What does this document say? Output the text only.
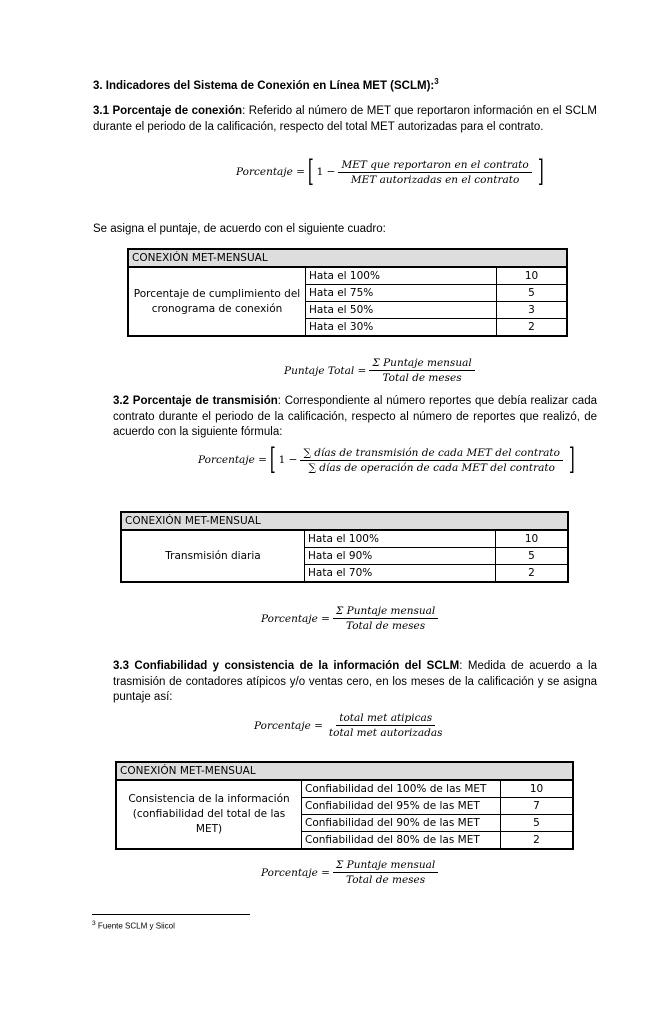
3. Indicadores del Sistema de Conexión en Línea MET (SCLM):$^3$
3.1 Porcentaje de conexión: Referido al número de MET que reportaron información en el SCLM durante el periodo de la calificación, respecto del total MET autorizadas para el contrato.
Porcentaje = [ $1 - \frac{\text{MET que reportaron en el contrato}}{\text{MET autorizadas en el contrato}}$ ]
Se asigna el puntaje, de acuerdo con el siguiente cuadro:
CONEXIÓN MET-MENSUAL		
Porcentaje de cumplimiento del cronograma de conexión	Hata el 100%	10
	Hata el 75%	5
	Hata el 50%	3
	Hata el 30%	2
Puntaje Total = $\frac{\text{Σ Puntaje mensual}}{\text{Total de meses}}$
3.2 Porcentaje de transmisión: Correspondiente al número reportes que debía realizar cada contrato durante el periodo de la calificación, respecto al número de reportes que realizó, de acuerdo con la siguiente fórmula:
Porcentaje = [ $1 - \frac{\text{∑ días de transmisión de cada MET del contrato}}{\text{∑ días de operación de cada MET del contrato}}$ ]
CONEXIÓN MET-MENSUAL		
Transmisión diaria	Hata el 100%	10
	Hata el 90%	5
	Hata el 70%	2
Porcentaje = $\frac{\text{Σ Puntaje mensual}}{\text{Total de meses}}$
3.3 Confiabilidad y consistencia de la información del SCLM: Medida de acuerdo a la trasmisión de contadores atípicos y/o ventas cero, en los meses de la calificación y se asigna puntaje así:
Porcentaje = $\frac{\text{total met atipicas}}{\text{total met autorizadas}}$
CONEXIÓN MET-MENSUAL		
Consistencia de la información (confiabilidad del total de las MET)	Confiabilidad del 100% de las MET	10
	Confiabilidad del 95% de las MET	7
	Confiabilidad del 90% de las MET	5
	Confiabilidad del 80% de las MET	2
Porcentaje = $\frac{\text{Σ Puntaje mensual}}{\text{Total de meses}}$
$^3$ Fuente SCLM y Siicol
